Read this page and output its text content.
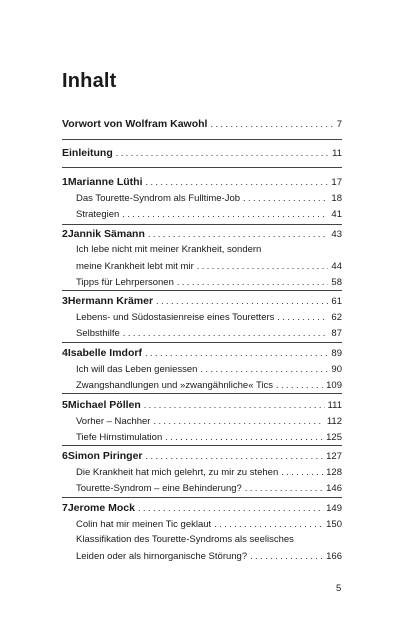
Inhalt
Vorwort von Wolfram Kawohl . . .	7
Einleitung . . .	11
1 Marianne Lüthi . . .	17
Das Tourette-Syndrom als Fulltime-Job . . .	18
Strategien . . .	41
2 Jannik Sämann . . .	43
Ich lebe nicht mit meiner Krankheit, sondern
meine Krankheit lebt mit mir . . .	44
Tipps für Lehrpersonen . . .	58
3 Hermann Krämer . . .	61
Lebens- und Südostasienreise eines Touretters . . .	62
Selbsthilfe . . .	87
4 Isabelle Imdorf . . .	89
Ich will das Leben geniessen . . .	90
Zwangshandlungen und »zwangähnliche« Tics . . .	109
5 Michael Pöllen . . .	111
Vorher – Nachher . . .	112
Tiefe Hirnstimulation . . .	125
6 Simon Piringer . . .	127
Die Krankheit hat mich gelehrt, zu mir zu stehen . . .	128
Tourette-Syndrom – eine Behinderung? . . .	146
7 Jerome Mock . . .	149
Colin hat mir meinen Tic geklaut . . .	150
Klassifikation des Tourette-Syndroms als seelisches
Leiden oder als hirnorganische Störung? . . .	166
5
